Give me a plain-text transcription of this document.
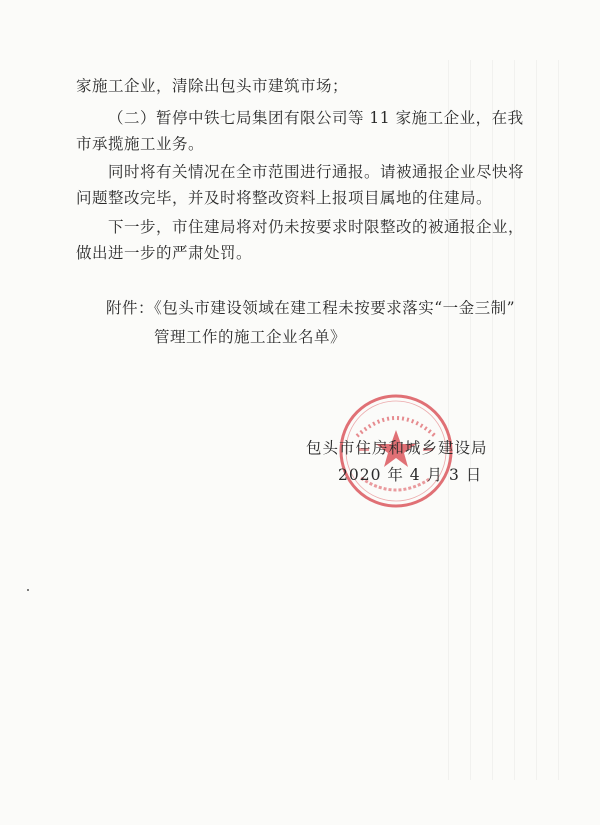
家施工企业，清除出包头市建筑市场；
（二）暂停中铁七局集团有限公司等 11 家施工企业，在我
市承揽施工业务。
同时将有关情况在全市范围进行通报。请被通报企业尽快将
问题整改完毕，并及时将整改资料上报项目属地的住建局。
下一步，市住建局将对仍未按要求时限整改的被通报企业，
做出进一步的严肃处罚。
附件：《包头市建设领域在建工程未按要求落实“一金三制”
管理工作的施工企业名单》
包头市住房和城乡建设局
2020 年 4 月 3 日
